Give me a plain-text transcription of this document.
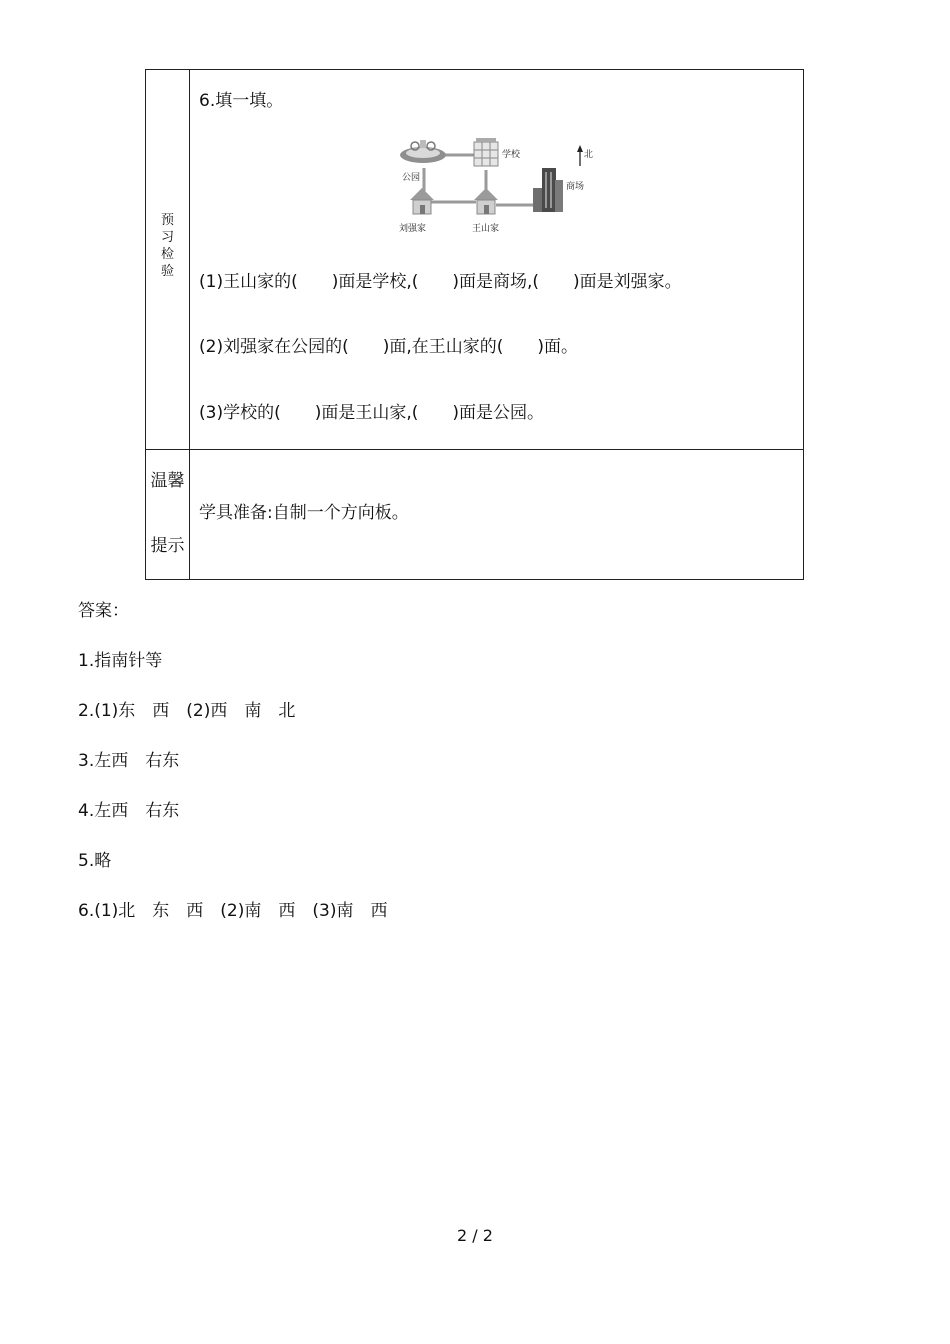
预
习
检
验
6.填一填。
公园
学校	北
商场
刘强家	王山家
(1)王山家的(　　)面是学校,(　　)面是商场,(　　)面是刘强家。
(2)刘强家在公园的(　　)面,在王山家的(　　)面。
(3)学校的(　　)面是王山家,(　　)面是公园。
温馨
提示
学具准备:自制一个方向板。
答案：
1.指南针等
2.(1)东　西　(2)西　南　北
3.左西　右东
4.左西　右东
5.略
6.(1)北　东　西　(2)南　西　(3)南　西
2 / 2
